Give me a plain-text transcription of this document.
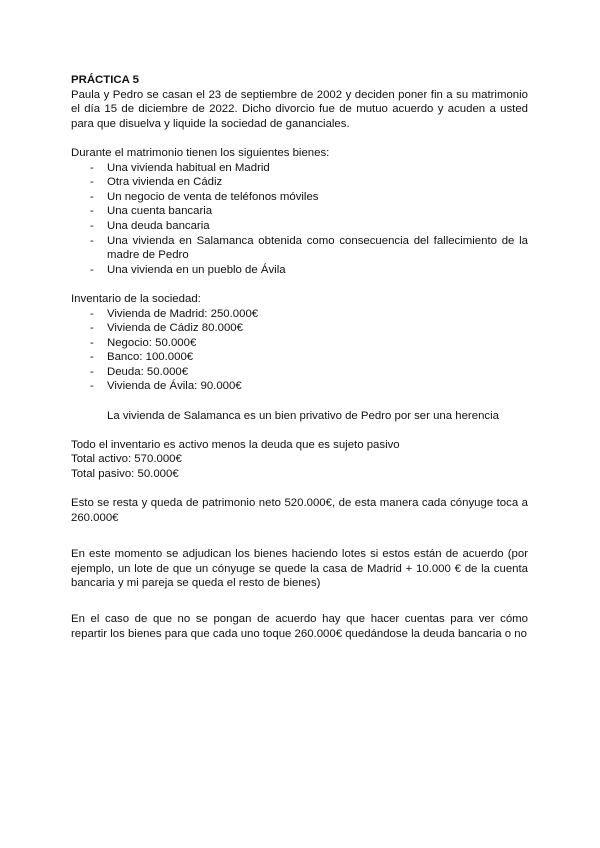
PRÁCTICA 5
Paula y Pedro se casan el 23 de septiembre de 2002 y deciden poner fin a su matrimonio el día 15 de diciembre de 2022. Dicho divorcio fue de mutuo acuerdo y acuden a usted para que disuelva y liquide la sociedad de gananciales.
Durante el matrimonio tienen los siguientes bienes:
- Una vivienda habitual en Madrid
- Otra vivienda en Cádiz
- Un negocio de venta de teléfonos móviles
- Una cuenta bancaria
- Una deuda bancaria
- Una vivienda en Salamanca obtenida como consecuencia del fallecimiento de la madre de Pedro
- Una vivienda en un pueblo de Ávila
Inventario de la sociedad:
- Vivienda de Madrid: 250.000€
- Vivienda de Cádiz 80.000€
- Negocio: 50.000€
- Banco: 100.000€
- Deuda: 50.000€
- Vivienda de Ávila: 90.000€
La vivienda de Salamanca es un bien privativo de Pedro por ser una herencia
Todo el inventario es activo menos la deuda que es sujeto pasivo
Total activo: 570.000€
Total pasivo: 50.000€
Esto se resta y queda de patrimonio neto 520.000€, de esta manera cada cónyuge toca a 260.000€
En este momento se adjudican los bienes haciendo lotes si estos están de acuerdo (por ejemplo, un lote de que un cónyuge se quede la casa de Madrid + 10.000 € de la cuenta bancaria y mi pareja se queda el resto de bienes)
En el caso de que no se pongan de acuerdo hay que hacer cuentas para ver cómo repartir los bienes para que cada uno toque 260.000€ quedándose la deuda bancaria o no
